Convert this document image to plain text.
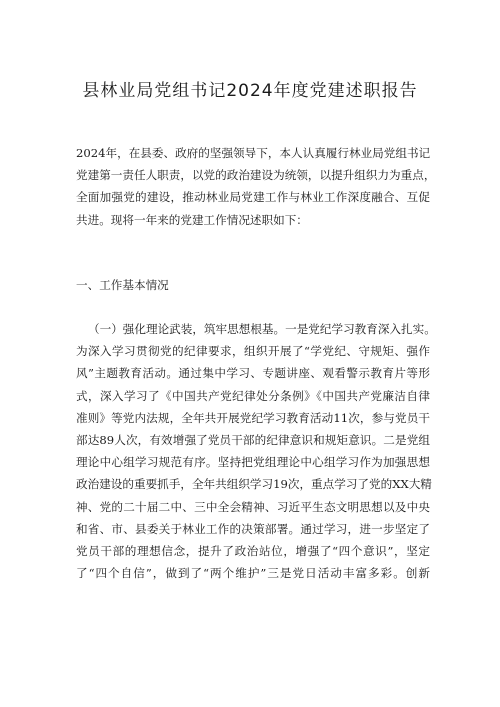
县林业局党组书记2024年度党建述职报告
2024年，在县委、政府的坚强领导下，本人认真履行林业局党组书记
党建第一责任人职责，以党的政治建设为统领，以提升组织力为重点，
全面加强党的建设，推动林业局党建工作与林业工作深度融合、互促
共进。现将一年来的党建工作情况述职如下：
一、工作基本情况
（一）强化理论武装，筑牢思想根基。一是党纪学习教育深入扎实。
为深入学习贯彻党的纪律要求，组织开展了“学党纪、守规矩、强作
风”主题教育活动。通过集中学习、专题讲座、观看警示教育片等形
式，深入学习了《中国共产党纪律处分条例》《中国共产党廉洁自律
准则》等党内法规，全年共开展党纪学习教育活动11次，参与党员干
部达89人次，有效增强了党员干部的纪律意识和规矩意识。二是党组
理论中心组学习规范有序。坚持把党组理论中心组学习作为加强思想
政治建设的重要抓手，全年共组织学习19次，重点学习了党的XX大精
神、党的二十届二中、三中全会精神、习近平生态文明思想以及中央
和省、市、县委关于林业工作的决策部署。通过学习，进一步坚定了
党员干部的理想信念，提升了政治站位，增强了“四个意识”，坚定
了“四个自信”，做到了“两个维护”三是党日活动丰富多彩。创新
